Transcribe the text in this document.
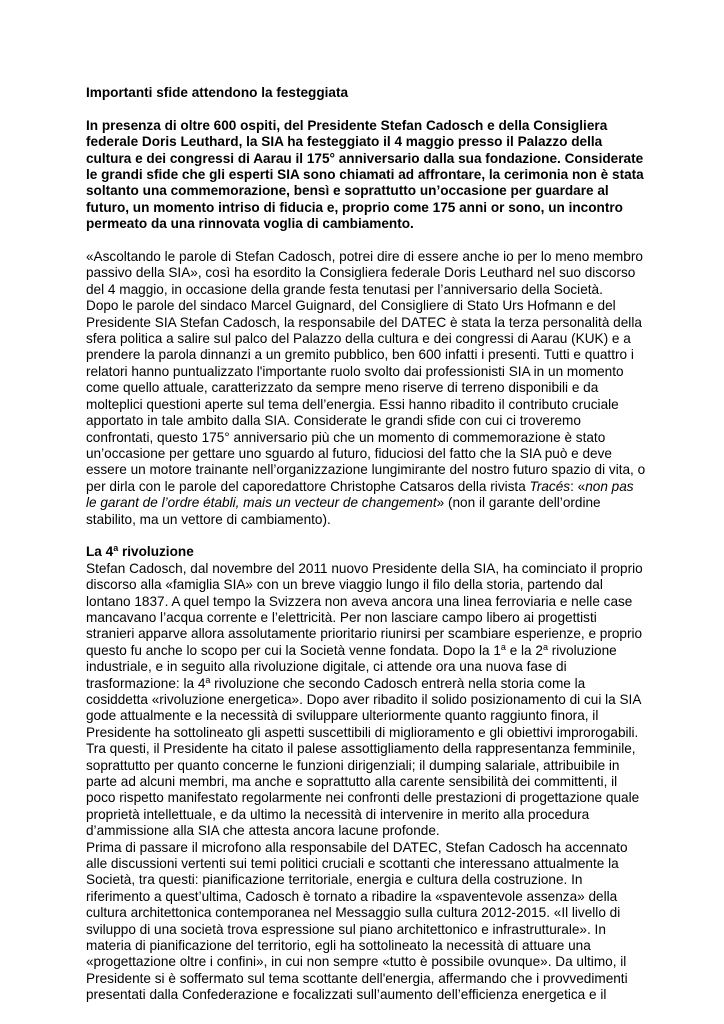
Importanti sfide attendono la festeggiata

In presenza di oltre 600 ospiti, del Presidente Stefan Cadosch e della Consigliera federale Doris Leuthard, la SIA ha festeggiato il 4 maggio presso il Palazzo della cultura e dei congressi di Aarau il 175° anniversario dalla sua fondazione. Considerate le grandi sfide che gli esperti SIA sono chiamati ad affrontare, la cerimonia non è stata soltanto una commemorazione, bensì e soprattutto un’occasione per guardare al futuro, un momento intriso di fiducia e, proprio come 175 anni or sono, un incontro permeato da una rinnovata voglia di cambiamento.

«Ascoltando le parole di Stefan Cadosch, potrei dire di essere anche io per lo meno membro passivo della SIA», così ha esordito la Consigliera federale Doris Leuthard nel suo discorso del 4 maggio, in occasione della grande festa tenutasi per l’anniversario della Società.

Dopo le parole del sindaco Marcel Guignard, del Consigliere di Stato Urs Hofmann e del Presidente SIA Stefan Cadosch, la responsabile del DATEC è stata la terza personalità della sfera politica a salire sul palco del Palazzo della cultura e dei congressi di Aarau (KUK) e a prendere la parola dinnanzi a un gremito pubblico, ben 600 infatti i presenti. Tutti e quattro i relatori hanno puntualizzato l'importante ruolo svolto dai professionisti SIA in un momento come quello attuale, caratterizzato da sempre meno riserve di terreno disponibili e da molteplici questioni aperte sul tema dell’energia. Essi hanno ribadito il contributo cruciale apportato in tale ambito dalla SIA. Considerate le grandi sfide con cui ci troveremo confrontati, questo 175° anniversario più che un momento di commemorazione è stato un’occasione per gettare uno sguardo al futuro, fiduciosi del fatto che la SIA può e deve essere un motore trainante nell’organizzazione lungimirante del nostro futuro spazio di vita, o per dirla con le parole del caporedattore Christophe Catsaros della rivista Tracés: «non pas le garant de l’ordre établi, mais un vecteur de changement» (non il garante dell’ordine stabilito, ma un vettore di cambiamento).

La 4$^a$ rivoluzione

Stefan Cadosch, dal novembre del 2011 nuovo Presidente della SIA, ha cominciato il proprio discorso alla «famiglia SIA» con un breve viaggio lungo il filo della storia, partendo dal lontano 1837. A quel tempo la Svizzera non aveva ancora una linea ferroviaria e nelle case mancavano l’acqua corrente e l’elettricità. Per non lasciare campo libero ai progettisti stranieri apparve allora assolutamente prioritario riunirsi per scambiare esperienze, e proprio questo fu anche lo scopo per cui la Società venne fondata. Dopo la 1$^a$ e la 2$^a$ rivoluzione industriale, e in seguito alla rivoluzione digitale, ci attende ora una nuova fase di trasformazione: la 4$^a$ rivoluzione che secondo Cadosch entrerà nella storia come la cosiddetta «rivoluzione energetica». Dopo aver ribadito il solido posizionamento di cui la SIA gode attualmente e la necessità di sviluppare ulteriormente quanto raggiunto finora, il Presidente ha sottolineato gli aspetti suscettibili di miglioramento e gli obiettivi improrogabili. Tra questi, il Presidente ha citato il palese assottigliamento della rappresentanza femminile, soprattutto per quanto concerne le funzioni dirigenziali; il dumping salariale, attribuibile in parte ad alcuni membri, ma anche e soprattutto alla carente sensibilità dei committenti, il poco rispetto manifestato regolarmente nei confronti delle prestazioni di progettazione quale proprietà intellettuale, e da ultimo la necessità di intervenire in merito alla procedura d’ammissione alla SIA che attesta ancora lacune profonde.

Prima di passare il microfono alla responsabile del DATEC, Stefan Cadosch ha accennato alle discussioni vertenti sui temi politici cruciali e scottanti che interessano attualmente la Società, tra questi: pianificazione territoriale, energia e cultura della costruzione. In riferimento a quest’ultima, Cadosch è tornato a ribadire la «spaventevole assenza» della cultura architettonica contemporanea nel Messaggio sulla cultura 2012-2015. «Il livello di sviluppo di una società trova espressione sul piano architettonico e infrastrutturale». In materia di pianificazione del territorio, egli ha sottolineato la necessità di attuare una «progettazione oltre i confini», in cui non sempre «tutto è possibile ovunque». Da ultimo, il Presidente si è soffermato sul tema scottante dell'energia, affermando che i provvedimenti presentati dalla Confederazione e focalizzati sull’aumento dell’efficienza energetica e il
